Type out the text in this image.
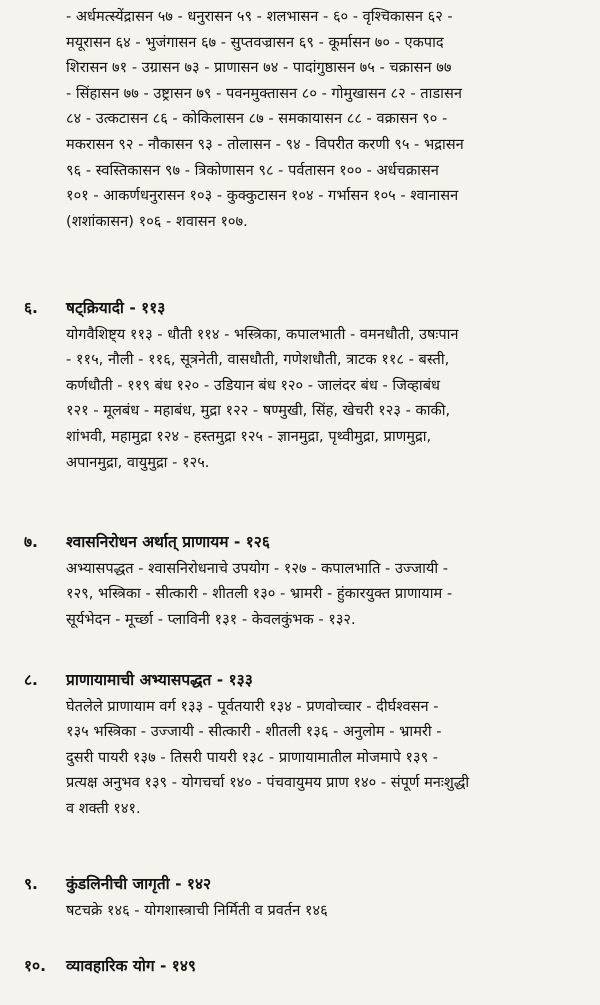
- अर्धमत्स्येंद्रासन ५७ - धनुरासन ५९ - शलभासन - ६० - वृश्चिकासन ६२ -

मयूरासन ६४ - भुजंगासन ६७ - सुप्तवज्रासन ६९ - कूर्मासन ७० - एकपाद

शिरासन ७१ - उग्रासन ७३ - प्राणासन ७४ - पादांगुष्ठासन ७५ - चक्रासन ७७

- सिंहासन ७७ - उष्ट्रासन ७९ - पवनमुक्तासन ८० - गोमुखासन ८२ - ताडासन

८४ - उत्कटासन ८६ - कोकिलासन ८७ - समकायासन ८८ - वक्रासन ९० -

मकरासन ९२ - नौकासन ९३ - तोलासन - ९४ - विपरीत करणी ९५ - भद्रासन

९६ - स्वस्तिकासन ९७ - त्रिकोणासन ९८ - पर्वतासन १०० - अर्धचक्रासन

१०१ - आकर्णधनुरासन १०३ - कुक्कुटासन १०४ - गर्भासन १०५ - श्वानासन

(शशांकासन) १०६ - शवासन १०७.

६. षट्क्रियादी - ११३

योगवैशिष्ट्य ११३ - धौती ११४ - भस्त्रिका, कपालभाती - वमनधौती, उषःपान

- ११५, नौली - ११६, सूत्रनेती, वासधौती, गणेशधौती, त्राटक ११८ - बस्ती,

कर्णधौती - ११९ बंध १२० - उडियान बंध १२० - जालंदर बंध - जिव्हाबंध

१२१ - मूलबंध - महाबंध, मुद्रा १२२ - षण्मुखी, सिंह, खेचरी १२३ - काकी,

शांभवी, महामुद्रा १२४ - हस्तमुद्रा १२५ - ज्ञानमुद्रा, पृथ्वीमुद्रा, प्राणमुद्रा,

अपानमुद्रा, वायुमुद्रा - १२५.

७. श्वासनिरोधन अर्थात् प्राणायम - १२६

अभ्यासपद्धत - श्वासनिरोधनाचे उपयोग - १२७ - कपालभाति - उज्जायी -

१२९, भस्त्रिका - सीत्कारी - शीतली १३० - भ्रामरी - हुंकारयुक्त प्राणायाम -

सूर्यभेदन - मूर्च्छा - प्लाविनी १३१ - केवलकुंभक - १३२.

८. प्राणायामाची अभ्यासपद्धत - १३३

घेतलेले प्राणायाम वर्ग १३३ - पूर्वतयारी १३४ - प्रणवोच्चार - दीर्घश्वसन -

१३५ भस्त्रिका - उज्जायी - सीत्कारी - शीतली १३६ - अनुलोम - भ्रामरी -

दुसरी पायरी १३७ - तिसरी पायरी १३८ - प्राणायामातील मोजमापे १३९ -

प्रत्यक्ष अनुभव १३९ - योगचर्चा १४० - पंचवायुमय प्राण १४० - संपूर्ण मनःशुद्धी

व शक्ती १४१.

९. कुंडलिनीची जागृती - १४२

षटचक्रे १४६ - योगशास्त्राची निर्मिती व प्रवर्तन १४६

१०. व्यावहारिक योग - १४९
